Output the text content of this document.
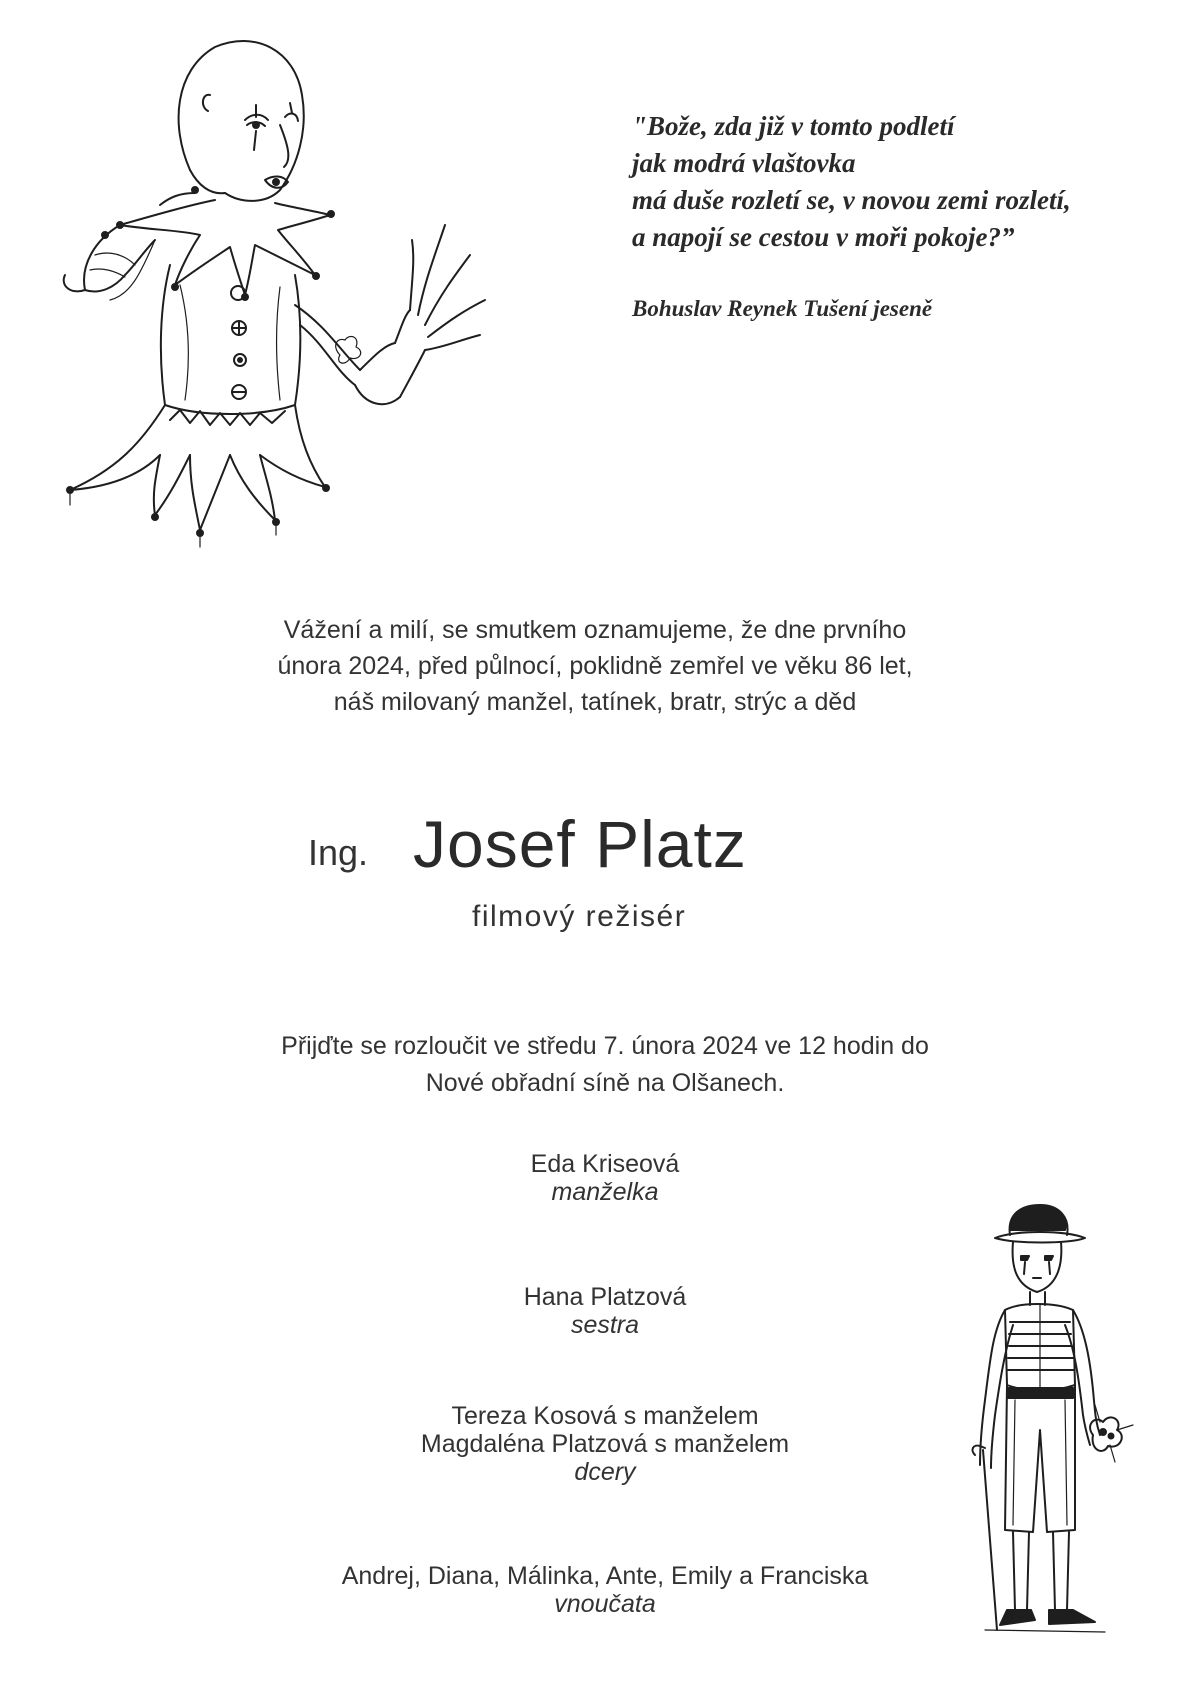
"Bože, zda již v tomto podletí
jak modrá vlaštovka
má duše rozletí se, v novou zemi rozletí,
a napojí se cestou v moři pokoje?”
Bohuslav Reynek Tušení jeseně
Vážení a milí, se smutkem oznamujeme, že dne prvního
února 2024, před půlnocí, poklidně zemřel ve věku 86 let,
náš milovaný manžel, tatínek, bratr, strýc a děd
Ing. Josef Platz
filmový režisér
Přijďte se rozloučit ve středu 7. února 2024 ve 12 hodin do
Nové obřadní síně na Olšanech.
Eda Kriseová
manželka
Hana Platzová
sestra
Tereza Kosová s manželem
Magdaléna Platzová s manželem
dcery
Andrej, Diana, Málinka, Ante, Emily a Franciska
vnoučata
